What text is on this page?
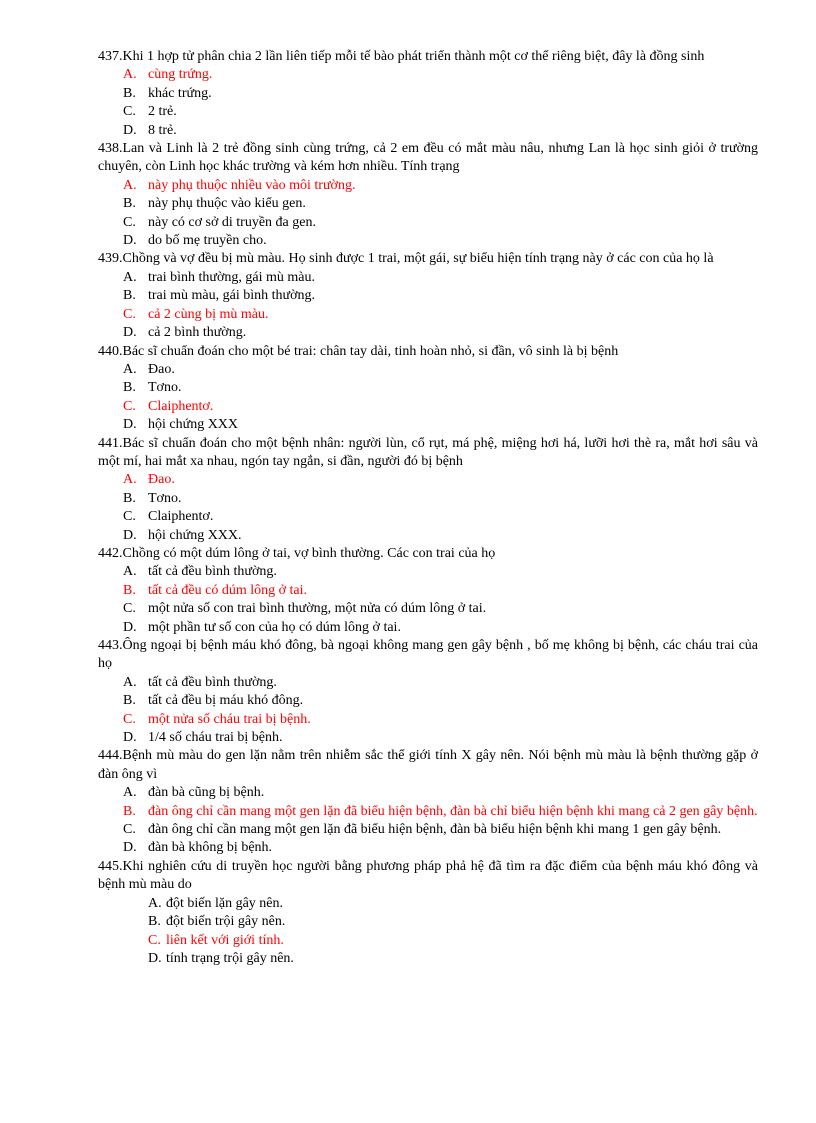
437.Khi 1 hợp tử phân chia 2 lần liên tiếp mỗi tế bào phát triển thành một cơ thể riêng biệt, đây là đồng sinh
A. cùng trứng.
B. khác trứng.
C. 2 trẻ.
D. 8 trẻ.
438.Lan và Linh là 2 trẻ đồng sinh cùng trứng, cả 2 em đều có mắt màu nâu, nhưng Lan là học sinh giỏi ở trường chuyên, còn Linh học khác trường và kém hơn nhiều. Tính trạng
A. này phụ thuộc nhiều vào môi trường.
B. này phụ thuộc vào kiểu gen.
C. này có cơ sở di truyền đa gen.
D. do bố mẹ truyền cho.
439.Chồng và vợ đều bị mù màu. Họ sinh được 1 trai, một gái, sự biểu hiện tính trạng này ở các con của họ là
A. trai bình thường, gái mù màu.
B. trai mù màu, gái bình thường.
C. cả 2 cùng bị mù màu.
D. cả 2 bình thường.
440.Bác sĩ chuẩn đoán cho một bé trai: chân tay dài, tinh hoàn nhỏ, si đần, vô sinh là bị bệnh
A. Đao.
B. Tơno.
C. Claiphentơ.
D. hội chứng XXX
441.Bác sĩ chuẩn đoán cho một bệnh nhân: người lùn, cổ rụt, má phệ, miệng hơi há, lưỡi hơi thè ra, mắt hơi sâu và một mí, hai mắt xa nhau, ngón tay ngắn, si đần, người đó bị bệnh
A. Đao.
B. Tơno.
C. Claiphentơ.
D. hội chứng XXX.
442.Chồng có một dúm lông ở tai, vợ bình thường. Các con trai của họ
A. tất cả đều bình thường.
B. tất cả đều có dúm lông ở tai.
C. một nửa số con trai bình thường, một nửa có dúm lông ở tai.
D. một phần tư số con của họ có dúm lông ở tai.
443.Ông ngoại bị bệnh máu khó đông, bà ngoại không mang gen gây bệnh , bố mẹ không bị bệnh, các cháu trai của họ
A. tất cả đều bình thường.
B. tất cả đều bị máu khó đông.
C. một nửa số cháu trai bị bệnh.
D. 1/4 số cháu trai bị bệnh.
444.Bệnh mù màu do gen lặn nằm trên nhiễm sắc thể giới tính X gây nên. Nói bệnh mù màu là bệnh thường gặp ở đàn ông vì
A. đàn bà cũng bị bệnh.
B. đàn ông chỉ cần mang một gen lặn đã biểu hiện bệnh, đàn bà chỉ biểu hiện bệnh khi mang cả 2 gen gây bệnh.
C. đàn ông chỉ cần mang một gen lặn đã biểu hiện bệnh, đàn bà biểu hiện bệnh khi mang 1 gen gây bệnh.
D. đàn bà không bị bệnh.
445.Khi nghiên cứu di truyền học người bằng phương pháp phả hệ đã tìm ra đặc điểm của bệnh máu khó đông và bệnh mù màu do
A. đột biến lặn gây nên.
B. đột biến trội gây nên.
C. liên kết với giới tính.
D. tính trạng trội gây nên.
